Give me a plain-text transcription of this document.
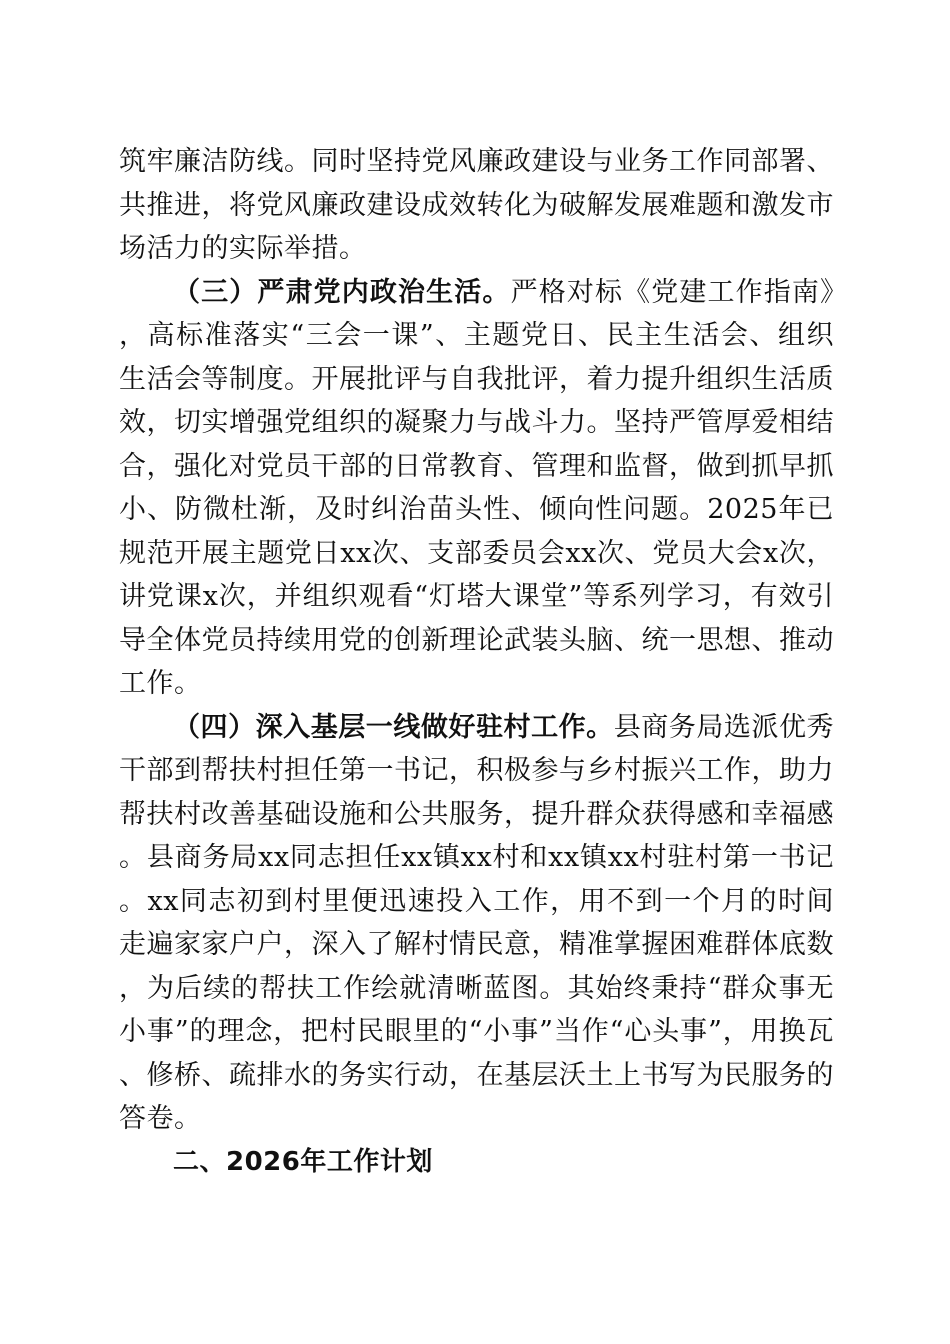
筑牢廉洁防线。同时坚持党风廉政建设与业务工作同部署、共推进，将党风廉政建设成效转化为破解发展难题和激发市场活力的实际举措。

（三）严肃党内政治生活。严格对标《党建工作指南》，高标准落实“三会一课”、主题党日、民主生活会、组织生活会等制度。开展批评与自我批评，着力提升组织生活质效，切实增强党组织的凝聚力与战斗力。坚持严管厚爱相结合，强化对党员干部的日常教育、管理和监督，做到抓早抓小、防微杜渐，及时纠治苗头性、倾向性问题。2025年已规范开展主题党日xx次、支部委员会xx次、党员大会x次，讲党课x次，并组织观看“灯塔大课堂”等系列学习，有效引导全体党员持续用党的创新理论武装头脑、统一思想、推动工作。

（四）深入基层一线做好驻村工作。县商务局选派优秀干部到帮扶村担任第一书记，积极参与乡村振兴工作，助力帮扶村改善基础设施和公共服务，提升群众获得感和幸福感。县商务局xx同志担任xx镇xx村和xx镇xx村驻村第一书记。xx同志初到村里便迅速投入工作，用不到一个月的时间走遍家家户户，深入了解村情民意，精准掌握困难群体底数，为后续的帮扶工作绘就清晰蓝图。其始终秉持“群众事无小事”的理念，把村民眼里的“小事”当作“心头事”，用换瓦、修桥、疏排水的务实行动，在基层沃土上书写为民服务的答卷。

二、2026年工作计划
